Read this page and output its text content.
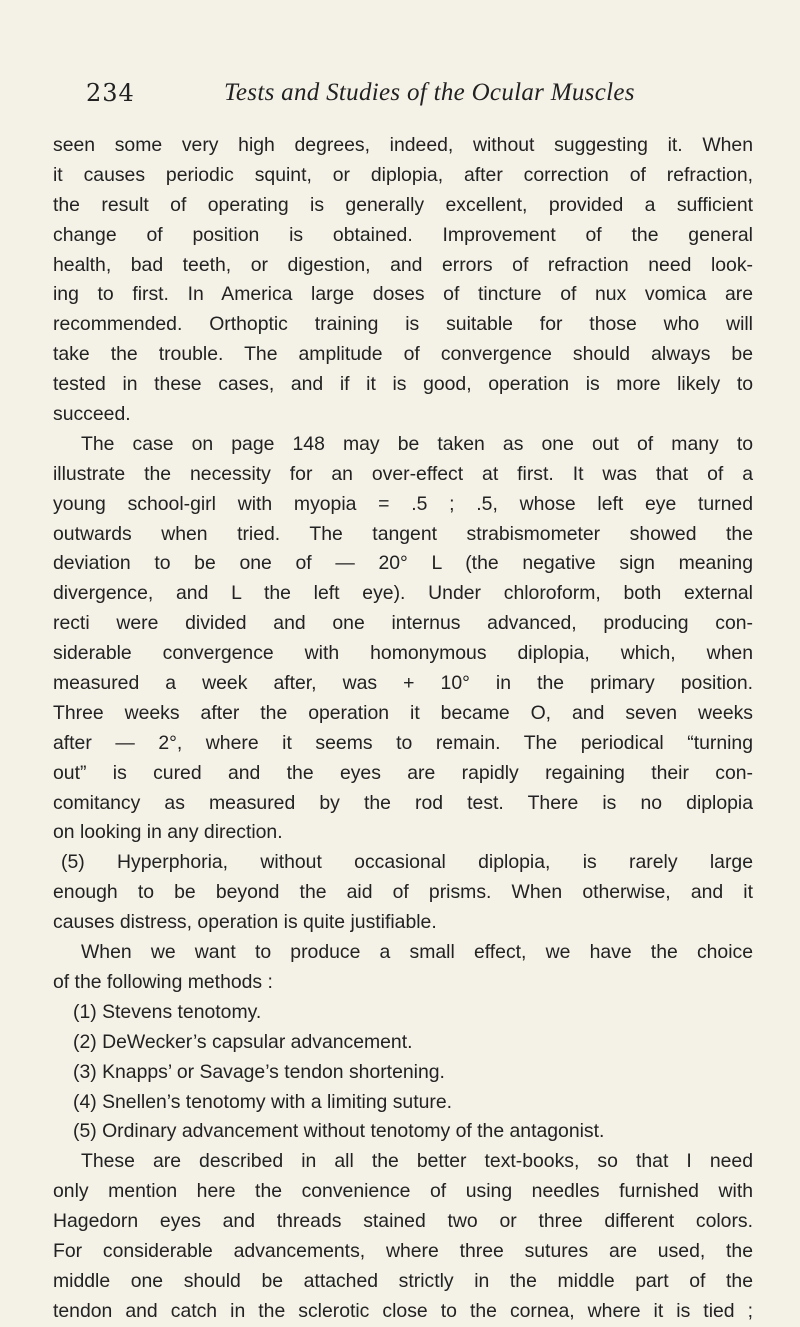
234	Tests and Studies of the Ocular Muscles
seen some very high degrees, indeed, without suggesting it. When
it causes periodic squint, or diplopia, after correction of refraction,
the result of operating is generally excellent, provided a sufficient
change of position is obtained. Improvement of the general
health, bad teeth, or digestion, and errors of refraction need look-
ing to first. In America large doses of tincture of nux vomica are
recommended. Orthoptic training is suitable for those who will
take the trouble. The amplitude of convergence should always be
tested in these cases, and if it is good, operation is more likely to
succeed.
The case on page 148 may be taken as one out of many to
illustrate the necessity for an over-effect at first. It was that of a
young school-girl with myopia = .5 ; .5, whose left eye turned
outwards when tried. The tangent strabismometer showed the
deviation to be one of — 20° L (the negative sign meaning
divergence, and L the left eye). Under chloroform, both external
recti were divided and one internus advanced, producing con-
siderable convergence with homonymous diplopia, which, when
measured a week after, was + 10° in the primary position.
Three weeks after the operation it became O, and seven weeks
after — 2°, where it seems to remain. The periodical “turning
out” is cured and the eyes are rapidly regaining their con-
comitancy as measured by the rod test. There is no diplopia
on looking in any direction.
(5) Hyperphoria, without occasional diplopia, is rarely large
enough to be beyond the aid of prisms. When otherwise, and it
causes distress, operation is quite justifiable.
When we want to produce a small effect, we have the choice
of the following methods :
(1) Stevens tenotomy.
(2) DeWecker’s capsular advancement.
(3) Knapps’ or Savage’s tendon shortening.
(4) Snellen’s tenotomy with a limiting suture.
(5) Ordinary advancement without tenotomy of the antagonist.
These are described in all the better text-books, so that I need
only mention here the convenience of using needles furnished with
Hagedorn eyes and threads stained two or three different colors.
For considerable advancements, where three sutures are used, the
middle one should be attached strictly in the middle part of the
tendon and catch in the sclerotic close to the cornea, where it is tied ;
